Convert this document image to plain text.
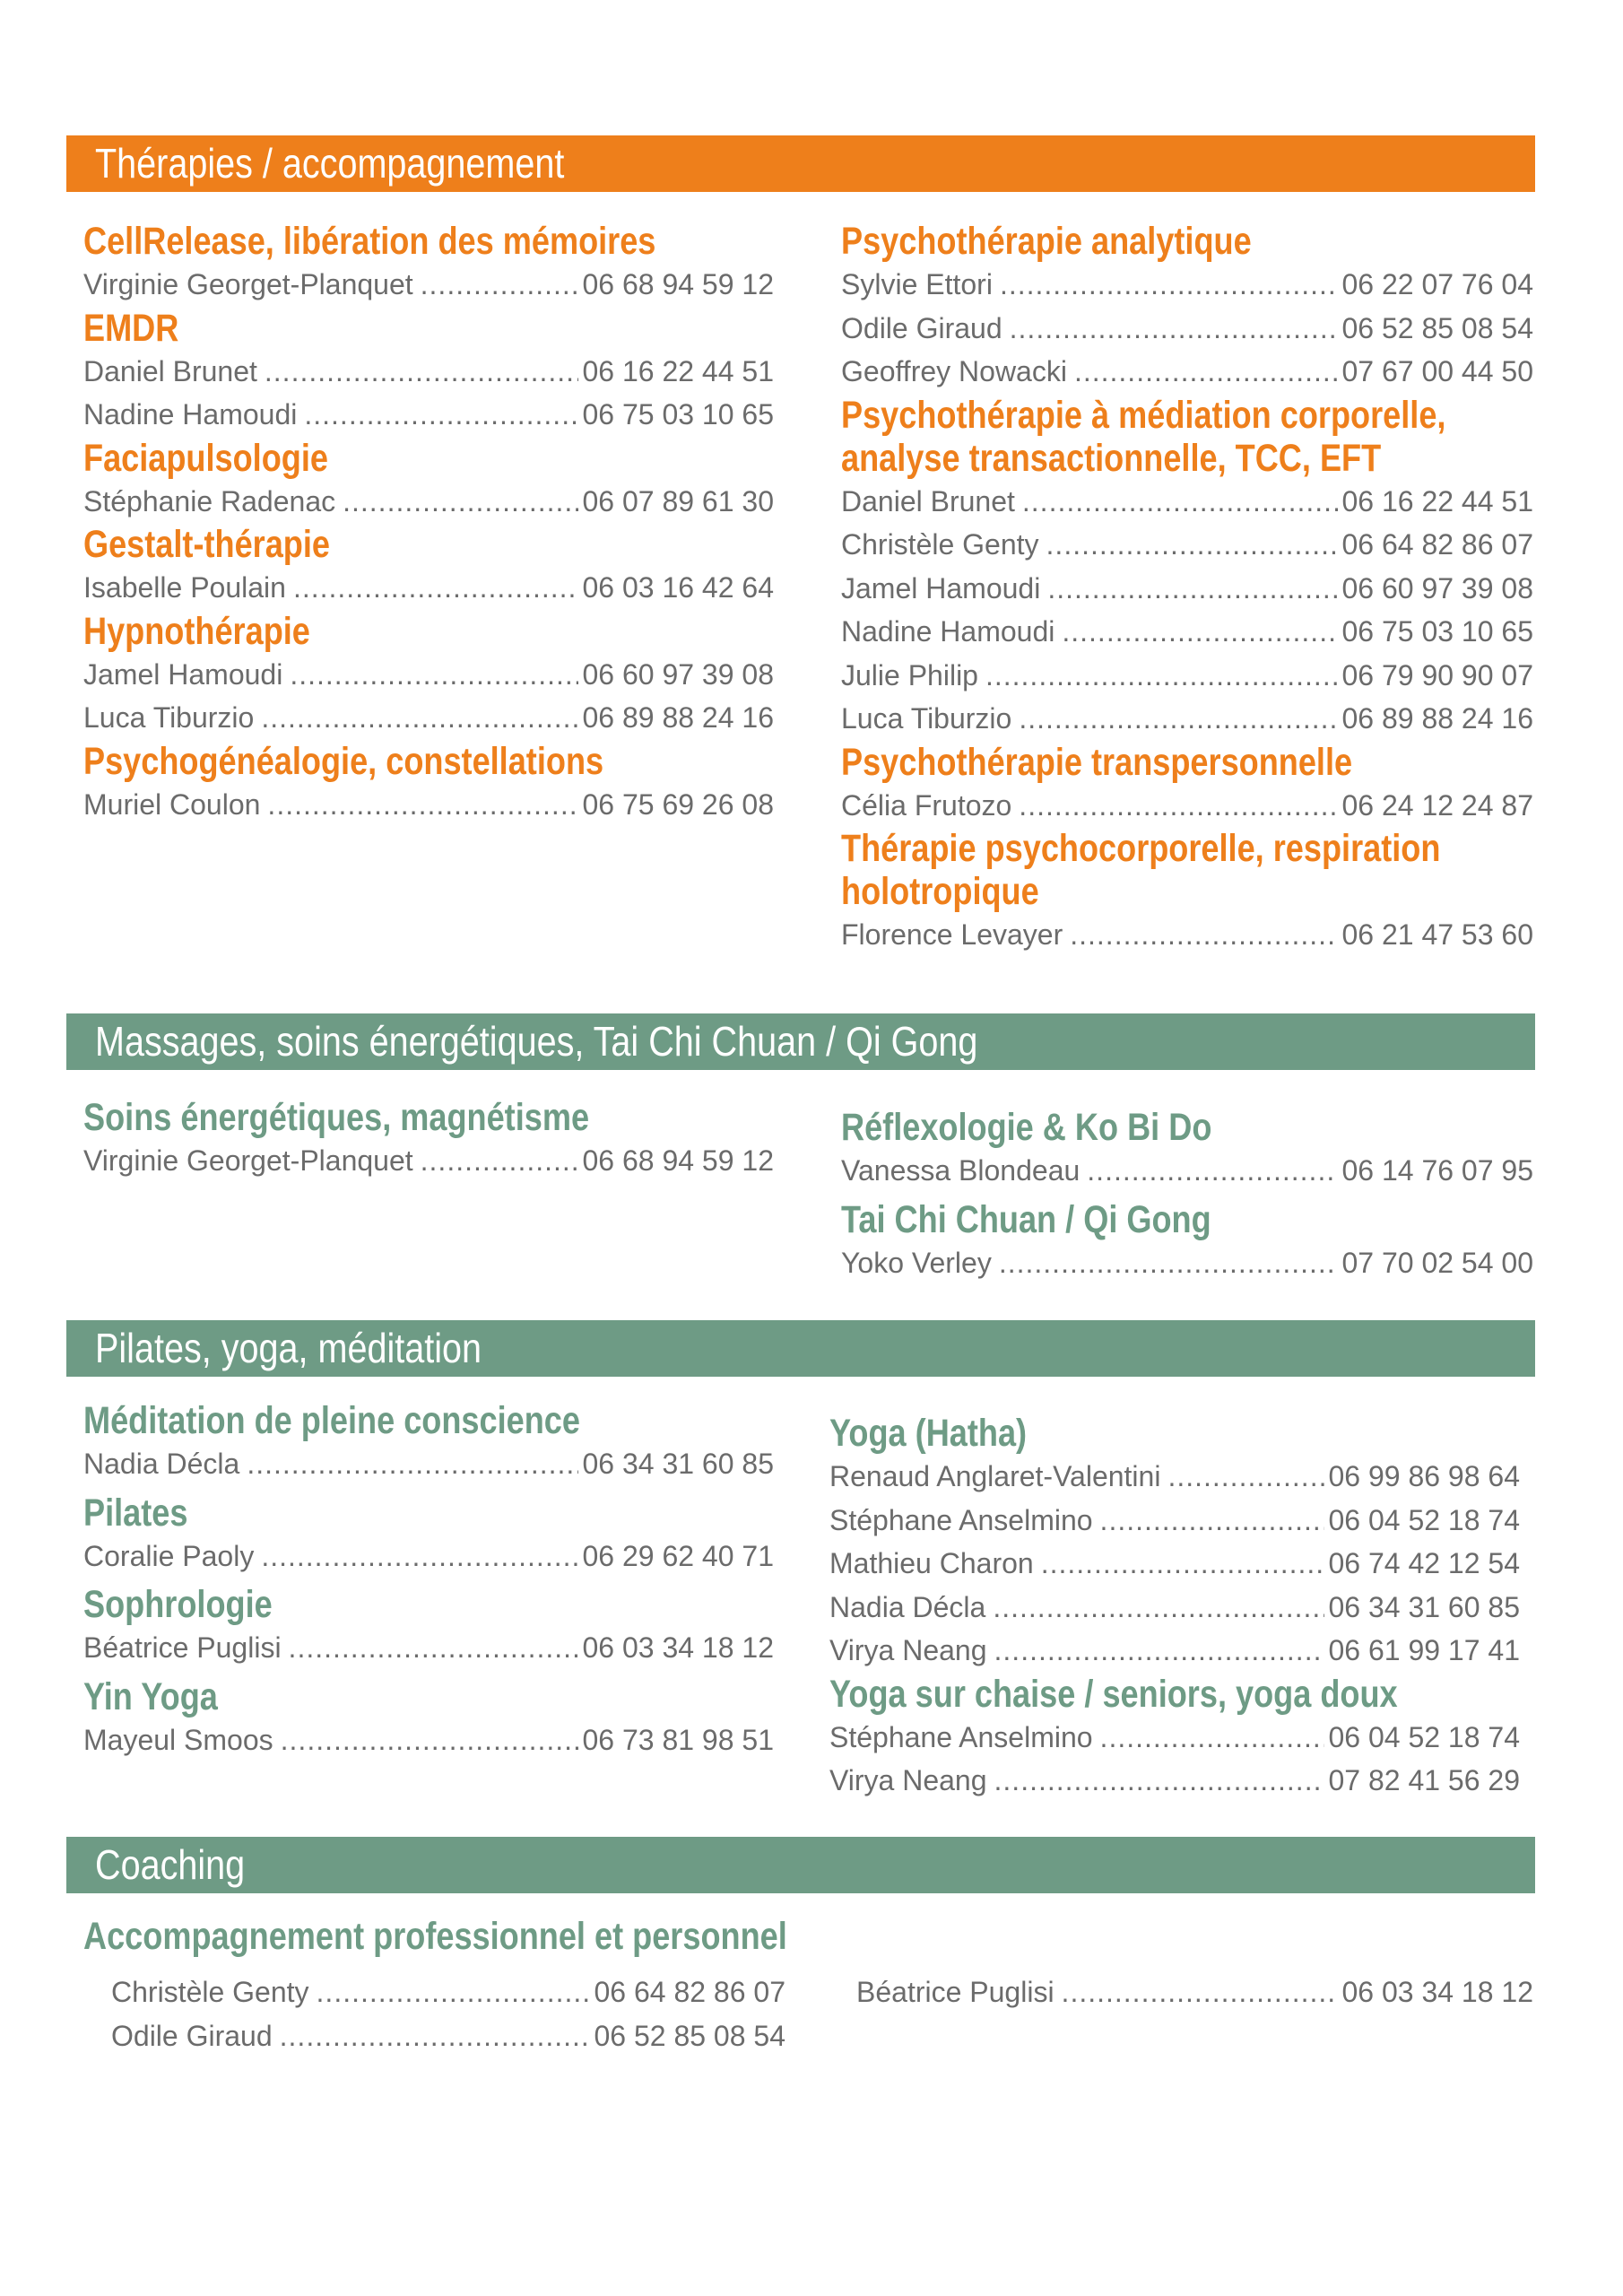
Thérapies / accompagnement
Massages, soins énergétiques, Tai Chi Chuan / Qi Gong
Pilates, yoga, méditation
Coaching
CellRelease, libération des mémoires
Virginie Georget-Planquet .....	06 68 94 59 12
EMDR
Daniel Brunet .....	06 16 22 44 51
Nadine Hamoudi .....	06 75 03 10 65
Faciapulsologie
Stéphanie Radenac .....	06 07 89 61 30
Gestalt-thérapie
Isabelle Poulain .....	06 03 16 42 64
Hypnothérapie
Jamel Hamoudi .....	06 60 97 39 08
Luca Tiburzio .....	06 89 88 24 16
Psychogénéalogie, constellations
Muriel Coulon .....	06 75 69 26 08
Psychothérapie analytique
Sylvie Ettori .....	06 22 07 76 04
Odile Giraud .....	06 52 85 08 54
Geoffrey Nowacki .....	07 67 00 44 50
Psychothérapie à médiation corporelle, analyse transactionnelle, TCC, EFT
Daniel Brunet .....	06 16 22 44 51
Christèle Genty .....	06 64 82 86 07
Jamel Hamoudi .....	06 60 97 39 08
Nadine Hamoudi .....	06 75 03 10 65
Julie Philip .....	06 79 90 90 07
Luca Tiburzio .....	06 89 88 24 16
Psychothérapie transpersonnelle
Célia Frutozo .....	06 24 12 24 87
Thérapie psychocorporelle, respiration holotropique
Florence Levayer .....	06 21 47 53 60
Soins énergétiques, magnétisme
Virginie Georget-Planquet .....	06 68 94 59 12
Réflexologie & Ko Bi Do
Vanessa Blondeau .....	06 14 76 07 95
Tai Chi Chuan / Qi Gong
Yoko Verley .....	07 70 02 54 00
Méditation de pleine conscience
Nadia Décla .....	06 34 31 60 85
Pilates
Coralie Paoly .....	06 29 62 40 71
Sophrologie
Béatrice Puglisi .....	06 03 34 18 12
Yin Yoga
Mayeul Smoos .....	06 73 81 98 51
Yoga (Hatha)
Renaud Anglaret-Valentini .....	06 99 86 98 64
Stéphane Anselmino .....	06 04 52 18 74
Mathieu Charon .....	06 74 42 12 54
Nadia Décla .....	06 34 31 60 85
Virya Neang .....	06 61 99 17 41
Yoga sur chaise / seniors, yoga doux
Stéphane Anselmino .....	06 04 52 18 74
Virya Neang .....	07 82 41 56 29
Accompagnement professionnel et personnel
Christèle Genty .....	06 64 82 86 07
Odile Giraud .....	06 52 85 08 54
Béatrice Puglisi .....	06 03 34 18 12
